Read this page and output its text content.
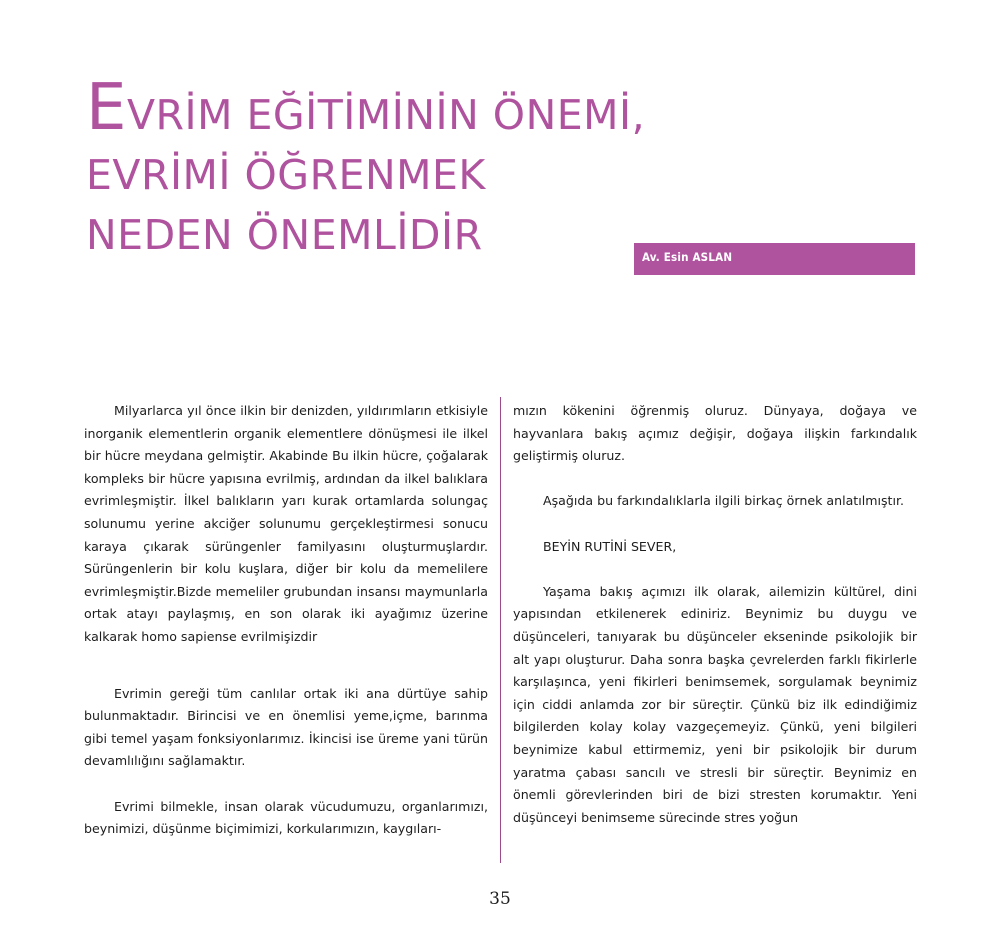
EVRİM EĞİTİMİNİN ÖNEMİ,
EVRİMİ ÖĞRENMEK
NEDEN ÖNEMLİDİR	Av. Esin ASLAN

Milyarlarca yıl önce ilkin bir denizden, yıldırımların etkisiyle inorganik elementlerin organik elementlere dönüşmesi ile ilkel bir hücre meydana gelmiştir. Akabinde Bu ilkin hücre, çoğalarak kompleks bir hücre yapısına evrilmiş, ardından da ilkel balıklara evrimleşmiştir. İlkel balıkların yarı kurak ortamlarda solungaç solunumu yerine akciğer solunumu gerçekleştirmesi sonucu karaya çıkarak sürüngenler familyasını oluşturmuşlardır. Sürüngenlerin bir kolu kuşlara, diğer bir kolu da memelilere evrimleşmiştir.Bizde memeliler grubundan insansı maymunlarla ortak atayı paylaşmış, en son olarak iki ayağımız üzerine kalkarak homo sapiense evrilmişizdir

Evrimin gereği tüm canlılar ortak iki ana dürtüye sahip bulunmaktadır. Birincisi ve en önemlisi yeme,içme, barınma gibi temel yaşam fonksiyonlarımız. İkincisi ise üreme yani türün devamlılığını sağlamaktır.

Evrimi bilmekle, insan olarak vücudumuzu, organlarımızı, beynimizi, düşünme biçimimizi, korkularımızın, kaygıları-

mızın kökenini öğrenmiş oluruz. Dünyaya, doğaya ve hayvanlara bakış açımız değişir, doğaya ilişkin farkındalık geliştirmiş oluruz.

Aşağıda bu farkındalıklarla ilgili birkaç örnek anlatılmıştır.

BEYİN RUTİNİ SEVER,

Yaşama bakış açımızı ilk olarak, ailemizin kültürel, dini yapısından etkilenerek ediniriz. Beynimiz bu duygu ve düşünceleri, tanıyarak bu düşünceler ekseninde psikolojik bir alt yapı oluşturur. Daha sonra başka çevrelerden farklı fikirlerle karşılaşınca, yeni fikirleri benimsemek, sorgulamak beynimiz için ciddi anlamda zor bir süreçtir. Çünkü biz ilk edindiğimiz bilgilerden kolay kolay vazgeçemeyiz. Çünkü, yeni bilgileri beynimize kabul ettirmemiz, yeni bir psikolojik bir durum yaratma çabası sancılı ve stresli bir süreçtir. Beynimiz en önemli görevlerinden biri de bizi stresten korumaktır. Yeni düşünceyi benimseme sürecinde stres yoğun

35
